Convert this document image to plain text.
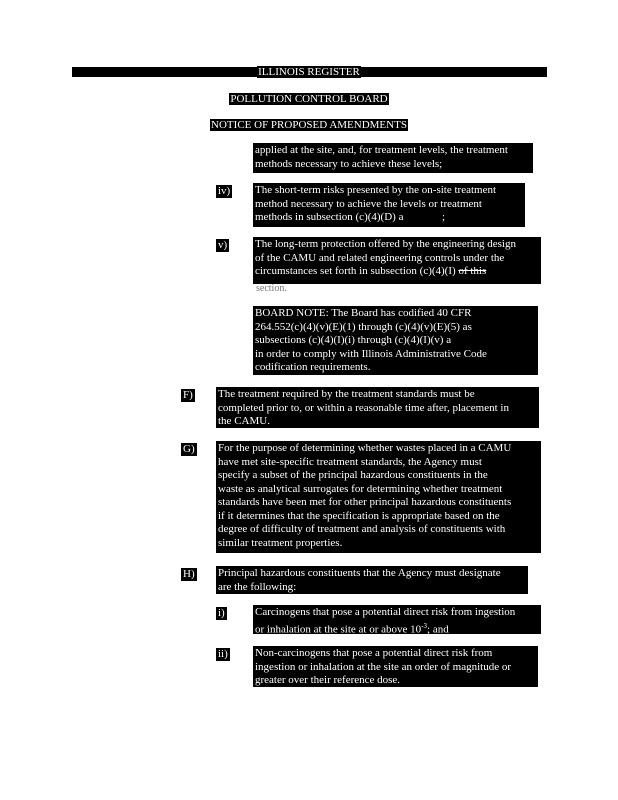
ILLINOIS REGISTER
POLLUTION CONTROL BOARD
NOTICE OF PROPOSED AMENDMENTS
applied at the site, and, for treatment levels, the treatment
methods necessary to achieve these levels;
iv) The short-term risks presented by the on-site treatment
method necessary to achieve the levels or treatment
methods in subsection (c)(4)(D) a	;
v)	The long-term protection offered by the engineering design
of the CAMU and related engineering controls under the
circumstances set forth in subsection (c)(4)(I) of this
section.
BOARD NOTE: The Board has codified 40 CFR
264.552(c)(4)(v)(E)(1) through (c)(4)(v)(E)(5) as
subsections (c)(4)(I)(i) through (c)(4)(I)(v) a
in order to comply with Illinois Administrative Code
codification requirements.
F) The treatment required by the treatment standards must be
completed prior to, or within a reasonable time after, placement in
the CAMU.
G) For the purpose of determining whether wastes placed in a CAMU
have met site-specific treatment standards, the Agency must
specify a subset of the principal hazardous constituents in the
waste as analytical surrogates for determining whether treatment
standards have been met for other principal hazardous constituents
if it determines that the specification is appropriate based on the
degree of difficulty of treatment and analysis of constituents with
similar treatment properties.
H) Principal hazardous constituents that the Agency must designate
are the following:
i)	Carcinogens that pose a potential direct risk from ingestion
or inhalation at the site at or above $10^{-3}$; and
ii) Non-carcinogens that pose a potential direct risk from
ingestion or inhalation at the site an order of magnitude or
greater over their reference dose.
